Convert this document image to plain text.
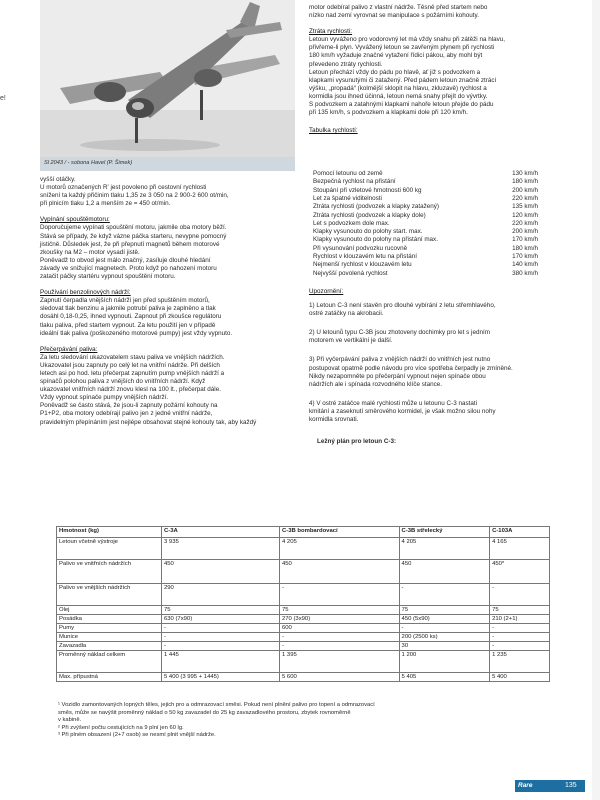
e!
Sl 2043 / - sobona Havel (P. Šimek)
vyšší otáčky.
U motorů označených R' jest povoleno při cestovní rychlosti
snížení ta každý přičinim tlaku 1,35 ze 3 050 na 2 900-2 600 ot/min,
při plnicím tlaku 1,2 a menším ze = 450 ot/min.
Vypínání spouštěmotoru:
Doporučujeme vypínati spouštění motoru, jakmile oba motory běží.
Stává se případy, že když vázne páčka starteru, nevypne pomocný
jističně. Důsledek jest, že při přepnutí magnetů během motorové
zkoušky na M2 – motor vysadí jistě.
Poněvadž to obvod jest málo značný, zasíluje dlouhé hledání
závady ve snižující magnetech. Proto když po nahození motoru
zatačit páčky startéru vypnout spouštění motoru.
Používání benzolinových nádrží:
Zapnutí čerpadla vnějších nádrží jen před spuštěním motorů,
sledovat tlak benzinu a jakmile potrubí paliva je zaplněno a tlak
dosáhl 0,18-0,25, ihned vypnouti. Zapnout při zkoušce regulátoru
tlaku paliva, před startem vypnout. Za letu použití jen v případě
ideální tlak paliva (poškozeného motorové pumpy) jest vždy vypnuto.
Přečerpávání paliva:
Za letu sledování ukazovatelem stavu paliva ve vnějších nádržích.
Ukazovatel jsou zapnuty po celý let na vnitřní nádrže. Při delších
letech asi po hod. letu přečerpat zapnutím pump vnějších nádrží a
spínačů polohou paliva z vnějších do vnitřních nádrží. Když
ukazovatel vnitřních nádrží znovu klesl na 100 lt., přečerpat dále.
Vždy vypnout spínače pumpy vnějších nádrží.
Poněvadž se často stává, že jsou-li zapnuty požární kohouty na
P1+P2, oba motory odebírají palivo jen z jedné vnitřní nádrže,
pravidelným přepínáním jest nejlépe obsahovat stejné kohouty tak, aby každý
motor odebíral palivo z vlastní nádrže. Těsně před startem nebo
nízko nad zemí vyrovnat se manipulace s požárními kohouty.
Ztráta rychlosti:
Letoun vyváženo pro vodorovný let má vždy snahu při zátěži na hlavu,
přivřeme-li plyn. Vyvážený letoun se zavřeným plynem při rychlosti
180 km/h vyžaduje značné vytažení řídicí pákou, aby mohl být
převedeno ztráty rychlosti.
Letoun přechází vždy do pádu po hlavě, ať již s podvozkem a
klapkami vysunutými či zatažený. Před pádem letoun značně ztrácí
výšku, „propadá“ (kolmější sklopit na hlavu, zkluzavě) rychlost a
kormidla jsou ihned účinná, letoun nemá snahy přejít do vývrtky.
S podvozkem a zatahnými klapkami nahoře letoun přejde do pádu
při 135 km/h, s podvozkem a klapkami dole při 120 km/h.
Tabulka rychlostí:
Pomocí letounu od země	130 km/h
Bezpečná rychlost na přistání	180 km/h
Stoupání při vzletové hmotnosti 600 kg	200 km/h
Let za špatné viditelnosti	220 km/h
Ztráta rychlosti (podvozek a klapky zatažený)	135 km/h
Ztráta rychlosti (podvozek a klapky dole)	120 km/h
Let s podvozkem dole max.	220 km/h
Klapky vysunouto do polohy start. max.	200 km/h
Klapky vysunouto do polohy na přistání max.	170 km/h
Při vysunování podvozku rucovně	180 km/h
Rychlost v klouzavém letu na přistání	170 km/h
Nejmenší rychlost v klouzavém letu	140 km/h
Nejvyšší povolená rychlost	380 km/h
Upozornění:
1) Letoun C-3 není stavěn pro dlouhé vybírání z letu střemhlavého,
ostré zatáčky na akrobacii.
2) U letounů typu C-3B jsou zhotoveny dochimky pro let s jedním
motorem ve vertikální je další.
3) Při vyčerpávání paliva z vnějších nádrží do vnitřních jest nutno
postupovat opatrně podle návodu pro více spotřeba čerpadly je zmíněné.
Nikdy nezapomněte po přečerpání vypnout nejen spínače obou
nádržích ale i spínada rozvodného klíče stance.
4) V ostré zatáčce malé rychlosti může u letounu C-3 nastati
kmitání a zaseknutí směrového kormidel, je však možno silou nohy
kormidla srovnati.
Ležný plán pro letoun C-3:
Hmotnost (kg)	C-3A	C-3B bombardovací	C-3B střelecký	C-103A
Letoun včetně výstroje	3 935	4 205	4 205	4 165
Palivo ve vnitřních nádržích	450	450	450	450*
Palivo ve vnějších nádržích	290	-	-	-
Olej	75	75	75	75
Posádka	630 (7x90)	270 (3x90)	450 (5x90)	210 (2+1)
Pumy	-	600	-	-
Munice	-	-	200 (2500 ks)	-
Zavazadla	-	-	30	-
Proměnný náklad celkem	1 445	1 395	1 200	1 235
Max. přípustná	5 400 (3 995 + 1445)	5 600	5 405	5 400
¹ Vozidlo zamontovaných lopných těles, jejich pro a odmrazovací směsi. Pokud není plnění palivo pro topení a odmrazovací
směs, může se navýšit proměnný náklad o 50 kg zavazadel do 25 kg zavazadlového prostoru, zbytek rovnoměrně
v kabině.
² Při zvýšení počtu cestujících na 9 plní jen 60 lg.
³ Při plném obsazení (2+7 osob) se nesmí plnit vnější nádrže.
Rare	135
